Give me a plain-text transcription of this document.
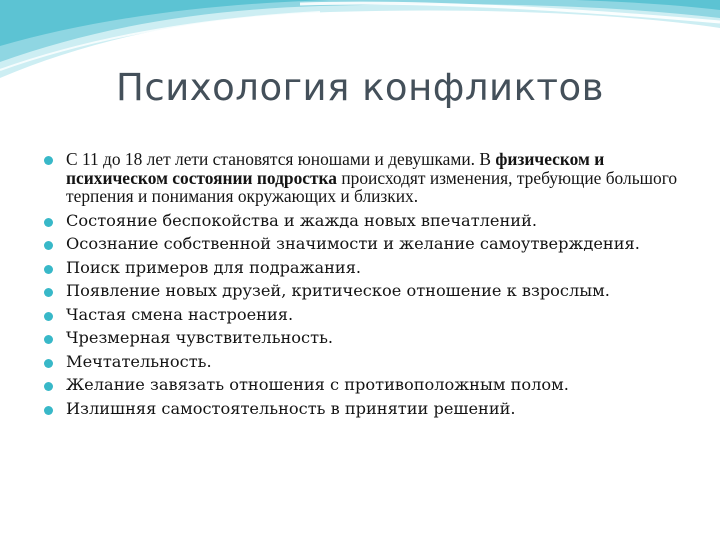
Психология конфликтов
С 11 до 18 лет лети становятся юношами и девушками. В физическом и психическом состоянии подростка происходят изменения, требующие большого терпения и понимания окружающих и близких.
Состояние беспокойства и жажда новых впечатлений.
Осознание собственной значимости и желание самоутверждения.
Поиск примеров для подражания.
Появление новых друзей, критическое отношение к взрослым.
Частая смена настроения.
Чрезмерная чувствительность.
Мечтательность.
Желание завязать отношения с противоположным полом.
Излишняя самостоятельность в принятии решений.
